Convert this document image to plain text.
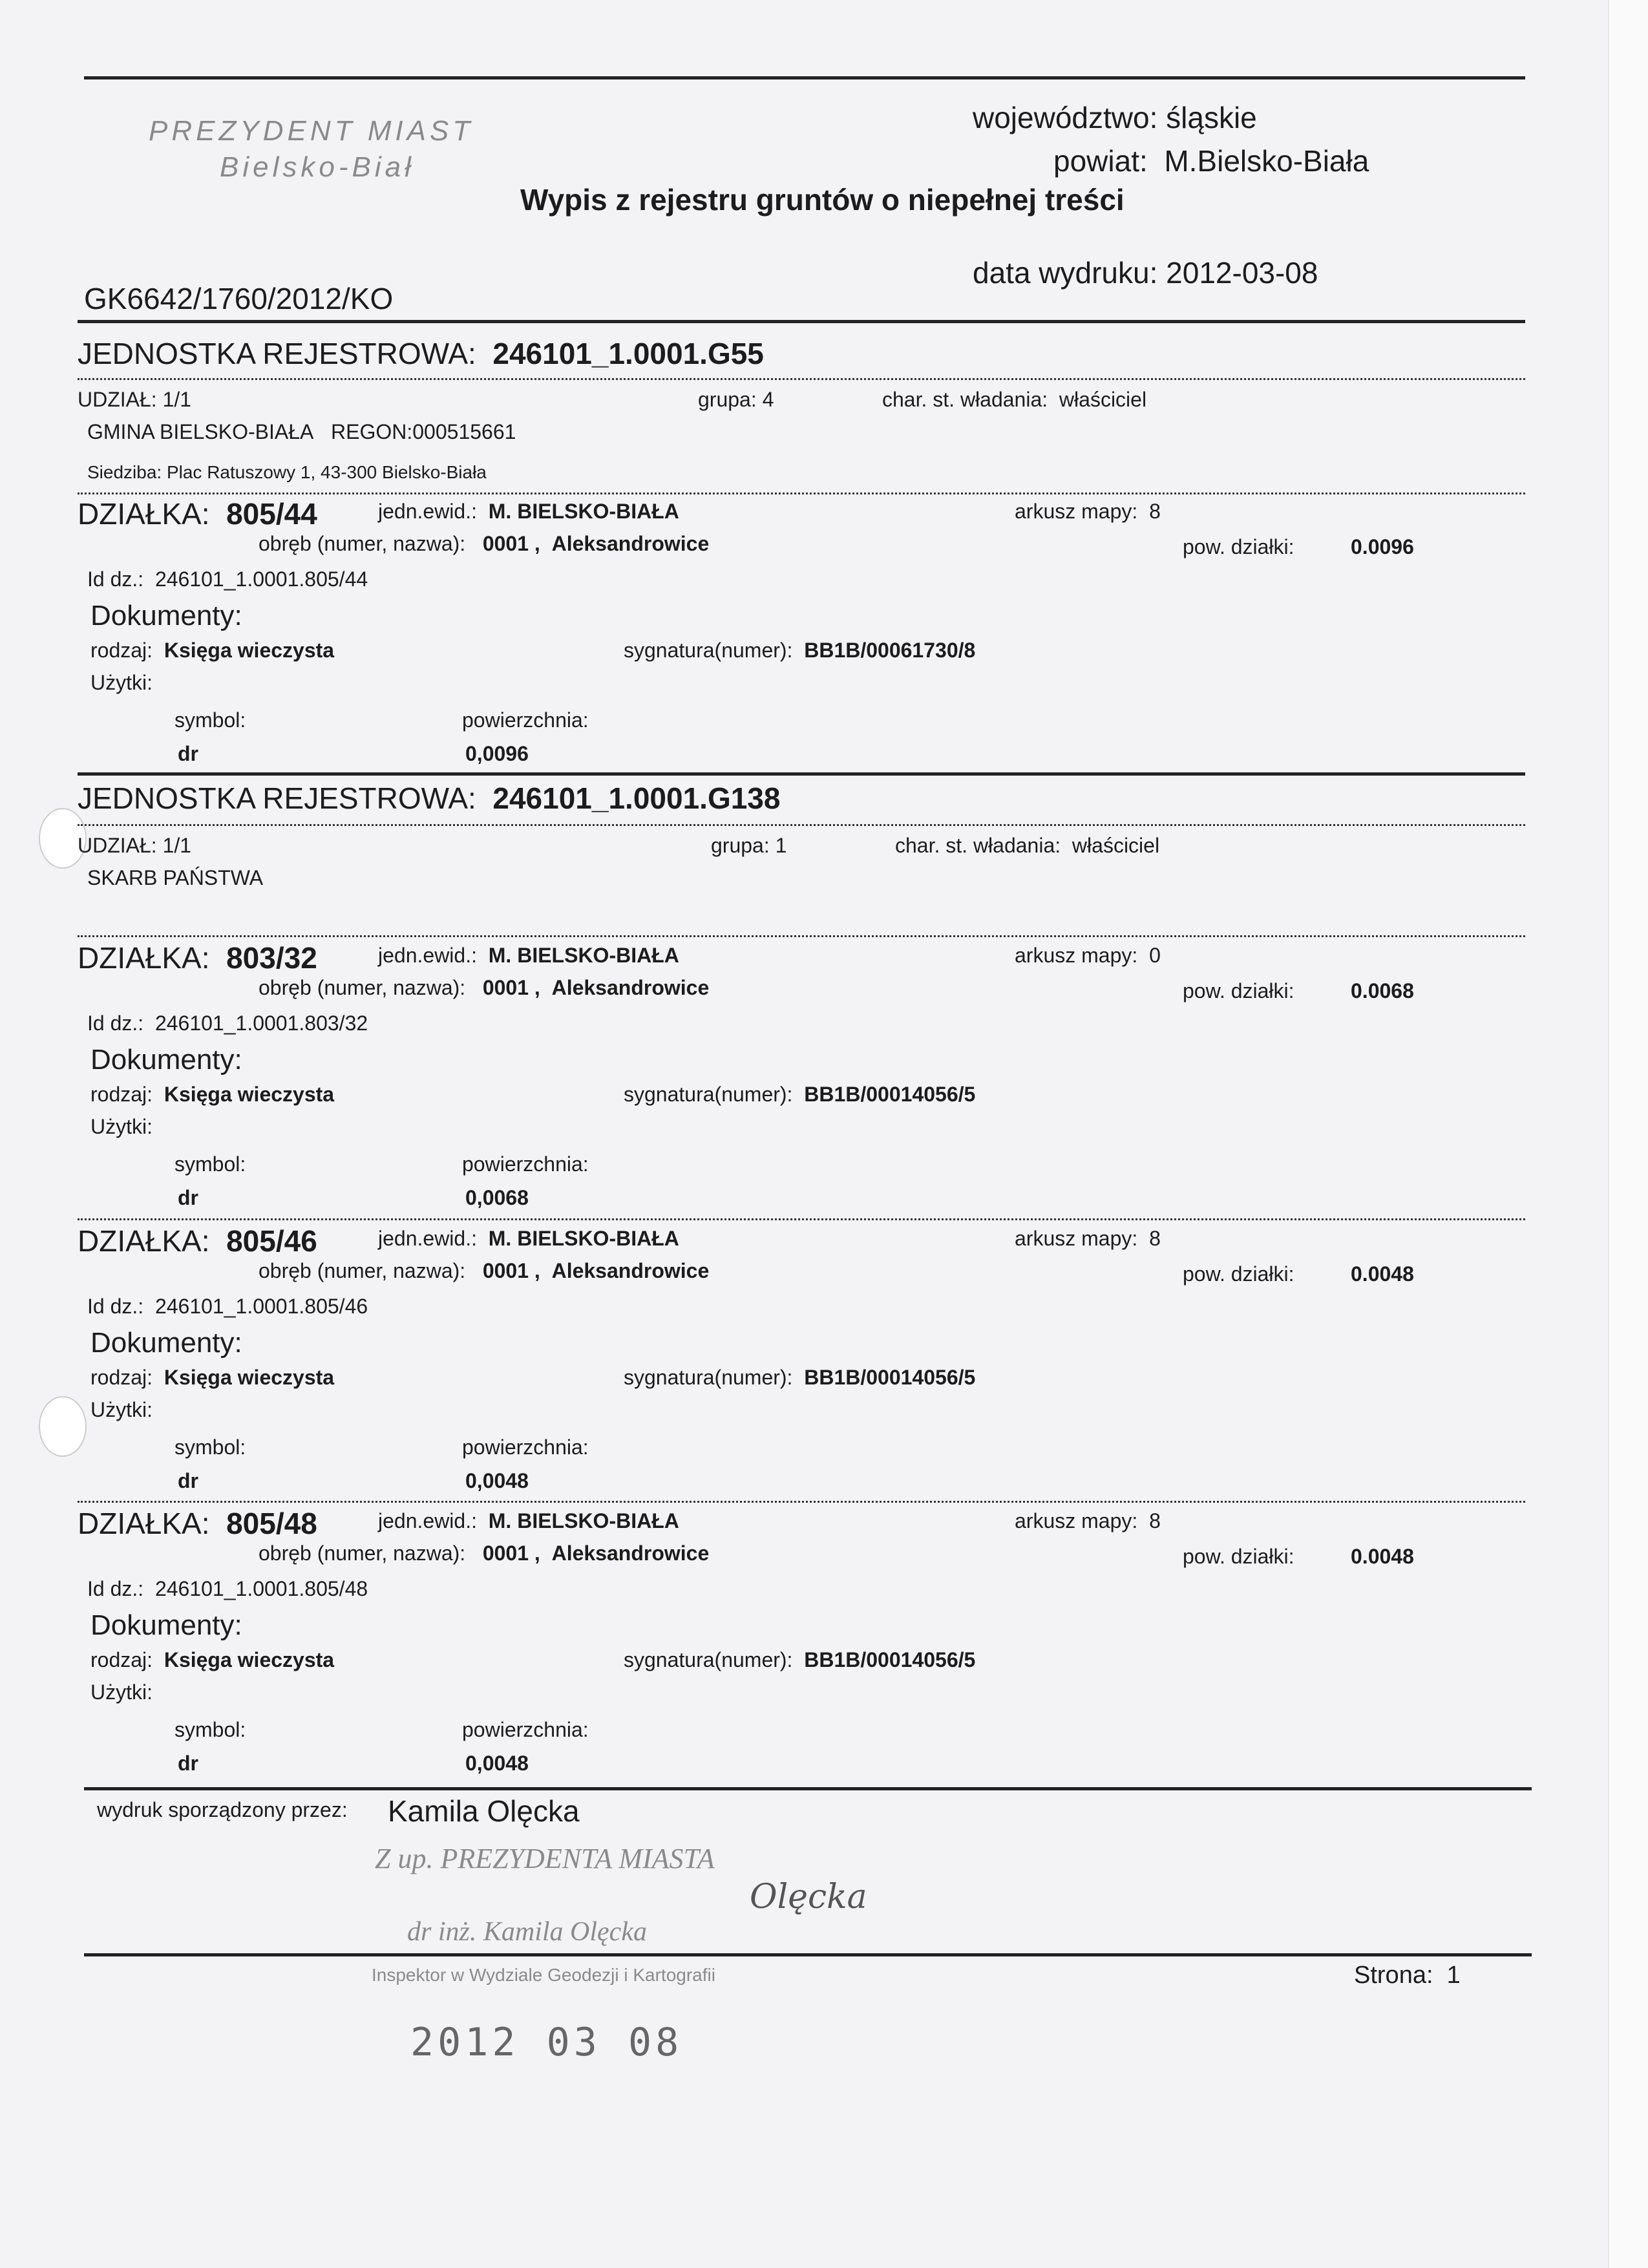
PREZYDENT MIAST
Bielsko-Biał
województwo: śląskie
powiat: M.Bielsko-Biała
Wypis z rejestru gruntów o niepełnej treści
data wydruku: 2012-03-08
GK6642/1760/2012/KO
JEDNOSTKA REJESTROWA: 246101_1.0001.G55
UDZIAŁ: 1/1	grupa: 4	char. st. władania: właściciel
GMINA BIELSKO-BIAŁA REGON:000515661
Siedziba: Plac Ratuszowy 1, 43-300 Bielsko-Biała
DZIAŁKA: 805/44	jedn.ewid.: M. BIELSKO-BIAŁA	arkusz mapy: 8
obręb (numer, nazwa): 0001 , Aleksandrowice	pow. działki:	0.0096
Id dz.: 246101_1.0001.805/44
Dokumenty:
rodzaj: Księga wieczysta	sygnatura(numer): BB1B/00061730/8
Użytki:
symbol:	powierzchnia:
dr	0,0096
DZIAŁKA: 803/32	jedn.ewid.: M. BIELSKO-BIAŁA	arkusz mapy: 0
obręb (numer, nazwa): 0001 , Aleksandrowice	pow. działki:	0.0068
Id dz.: 246101_1.0001.803/32
Dokumenty:
rodzaj: Księga wieczysta	sygnatura(numer): BB1B/00014056/5
Użytki:
symbol:	powierzchnia:
dr	0,0068
DZIAŁKA: 805/46	jedn.ewid.: M. BIELSKO-BIAŁA	arkusz mapy: 8
obręb (numer, nazwa): 0001 , Aleksandrowice	pow. działki:	0.0048
Id dz.: 246101_1.0001.805/46
Dokumenty:
rodzaj: Księga wieczysta	sygnatura(numer): BB1B/00014056/5
Użytki:
symbol:	powierzchnia:
dr	0,0048
DZIAŁKA: 805/48	jedn.ewid.: M. BIELSKO-BIAŁA	arkusz mapy: 8
obręb (numer, nazwa): 0001 , Aleksandrowice	pow. działki:	0.0048
Id dz.: 246101_1.0001.805/48
Dokumenty:
rodzaj: Księga wieczysta	sygnatura(numer): BB1B/00014056/5
Użytki:
symbol:	powierzchnia:
dr	0,0048
JEDNOSTKA REJESTROWA: 246101_1.0001.G138
UDZIAŁ: 1/1	grupa: 1	char. st. władania: właściciel
SKARB PAŃSTWA
wydruk sporządzony przez: Kamila Olęcka
Z up. PREZYDENTA MIASTA
Olęcka
dr inż. Kamila Olęcka
Inspektor w Wydziale Geodezji i Kartografii	Strona: 1
2012 03 08
